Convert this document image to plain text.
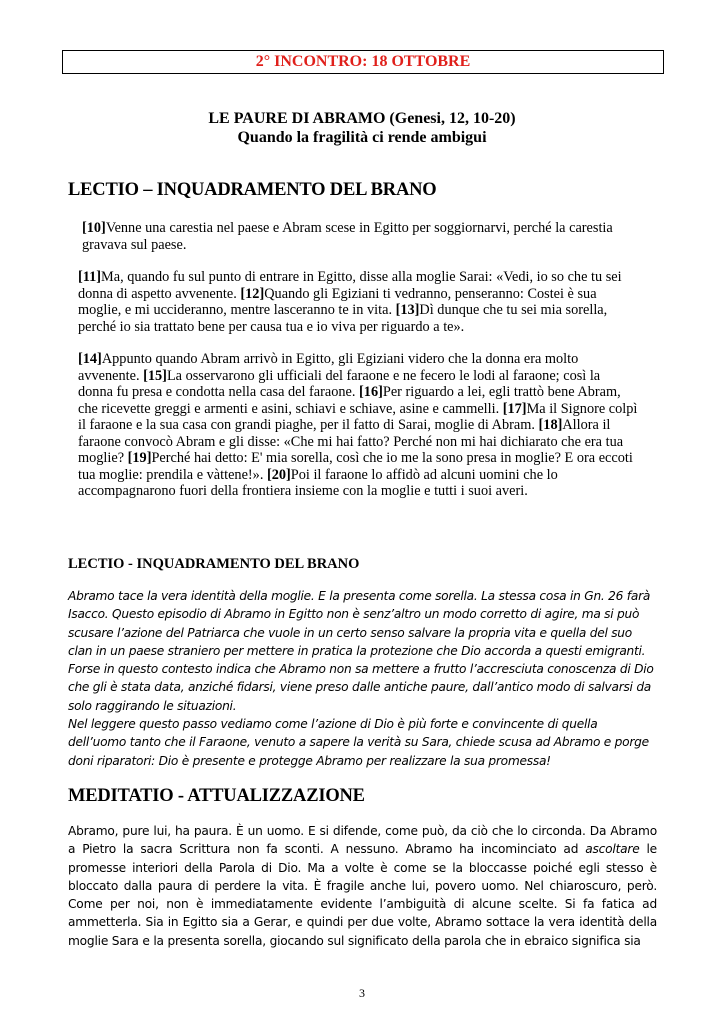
2° INCONTRO: 18 OTTOBRE
LE PAURE DI ABRAMO (Genesi, 12, 10-20)
Quando la fragilità ci rende ambigui
LECTIO – INQUADRAMENTO DEL BRANO

[10]Venne una carestia nel paese e Abram scese in Egitto per soggiornarvi, perché la carestia gravava sul paese.

[11]Ma, quando fu sul punto di entrare in Egitto, disse alla moglie Sarai: «Vedi, io so che tu sei donna di aspetto avvenente. [12]Quando gli Egiziani ti vedranno, penseranno: Costei è sua moglie, e mi uccideranno, mentre lasceranno te in vita. [13]Dì dunque che tu sei mia sorella, perché io sia trattato bene per causa tua e io viva per riguardo a te».

[14]Appunto quando Abram arrivò in Egitto, gli Egiziani videro che la donna era molto avvenente. [15]La osservarono gli ufficiali del faraone e ne fecero le lodi al faraone; così la donna fu presa e condotta nella casa del faraone. [16]Per riguardo a lei, egli trattò bene Abram, che ricevette greggi e armenti e asini, schiavi e schiave, asine e cammelli. [17]Ma il Signore colpì il faraone e la sua casa con grandi piaghe, per il fatto di Sarai, moglie di Abram. [18]Allora il faraone convocò Abram e gli disse: «Che mi hai fatto? Perché non mi hai dichiarato che era tua moglie? [19]Perché hai detto: E' mia sorella, così che io me la sono presa in moglie? E ora eccoti tua moglie: prendila e vàttene!». [20]Poi il faraone lo affidò ad alcuni uomini che lo accompagnarono fuori della frontiera insieme con la moglie e tutti i suoi averi.

LECTIO - INQUADRAMENTO DEL BRANO

Abramo tace la vera identità della moglie. E la presenta come sorella. La stessa cosa in Gn. 26 farà Isacco. Questo episodio di Abramo in Egitto non è senz’altro un modo corretto di agire, ma si può scusare l’azione del Patriarca che vuole in un certo senso salvare la propria vita e quella del suo clan in un paese straniero per mettere in pratica la protezione che Dio accorda a questi emigranti.

Forse in questo contesto indica che Abramo non sa mettere a frutto l’accresciuta conoscenza di Dio che gli è stata data, anziché fidarsi, viene preso dalle antiche paure, dall’antico modo di salvarsi da solo raggirando le situazioni.

Nel leggere questo passo vediamo come l’azione di Dio è più forte e convincente di quella dell’uomo tanto che il Faraone, venuto a sapere la verità su Sara, chiede scusa ad Abramo e porge doni riparatori: Dio è presente e protegge Abramo per realizzare la sua promessa!

MEDITATIO - ATTUALIZZAZIONE
Abramo, pure lui, ha paura. È un uomo. E si difende, come può, da ciò che lo circonda. Da Abramo a Pietro la sacra Scrittura non fa sconti. A nessuno. Abramo ha incominciato ad ascoltare le promesse interiori della Parola di Dio. Ma a volte è come se la bloccasse poiché egli stesso è bloccato dalla paura di perdere la vita. È fragile anche lui, povero uomo. Nel chiaroscuro, però. Come per noi, non è immediatamente evidente l’ambiguità di alcune scelte. Si fa fatica ad ammetterla. Sia in Egitto sia a Gerar, e quindi per due volte, Abramo sottace la vera identità della moglie Sara e la presenta sorella, giocando sul significato della parola che in ebraico significa sia
3
